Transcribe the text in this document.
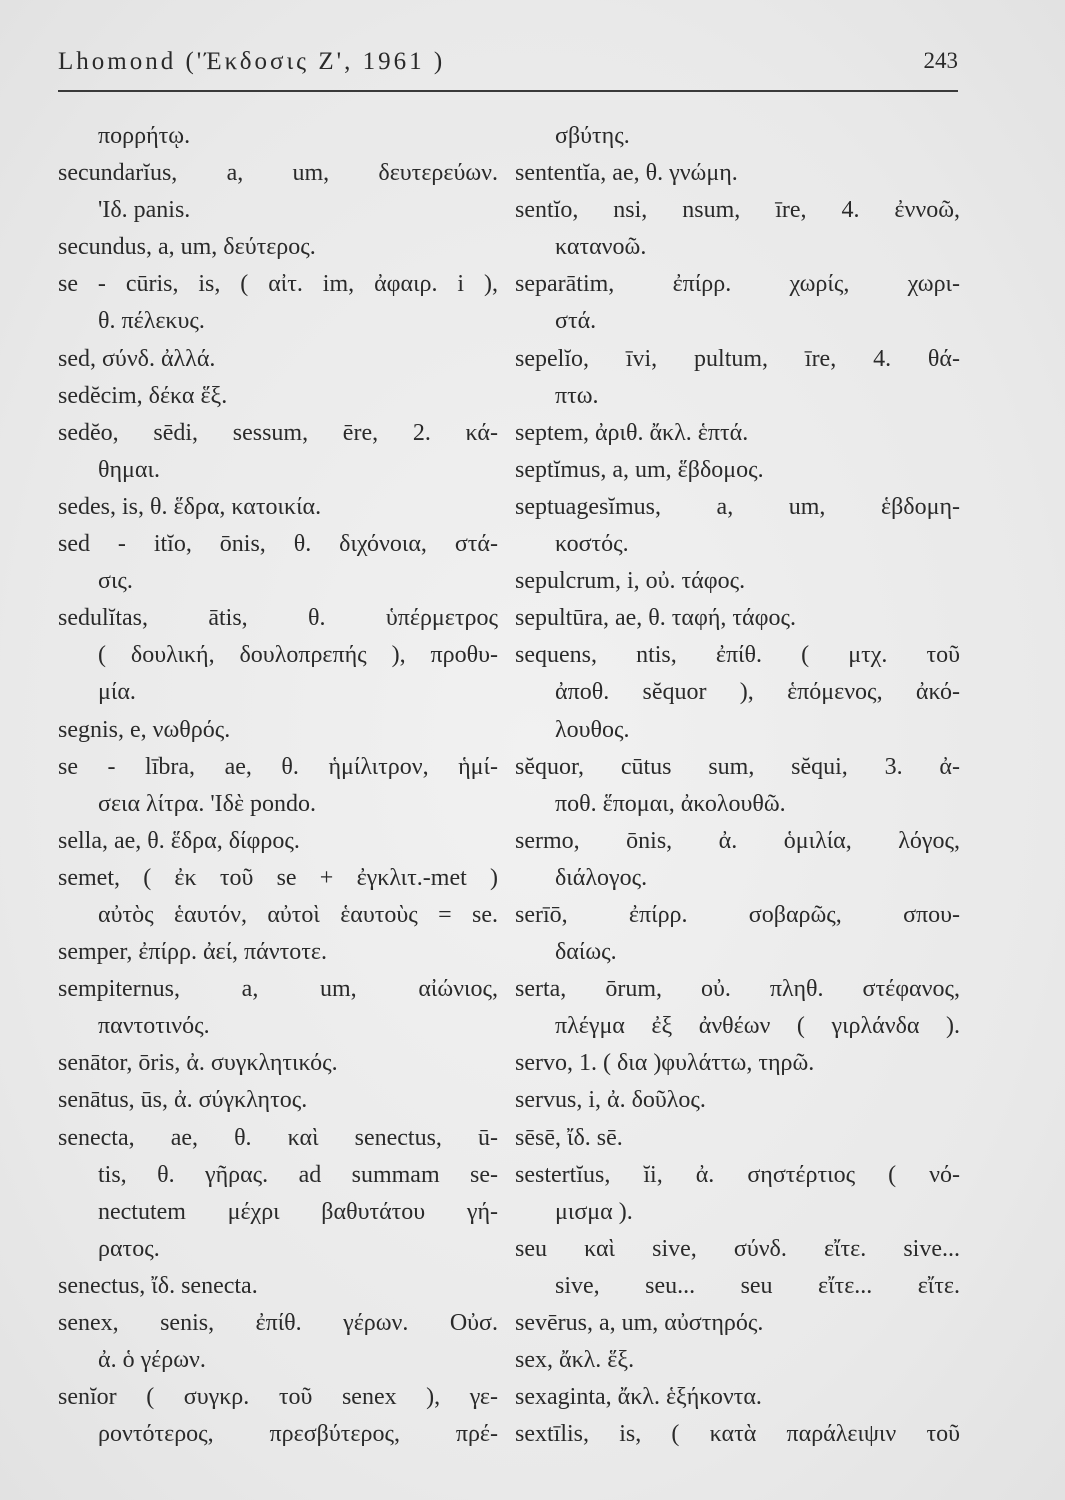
Lhomond ('Έκδοσις Ζ', 1961 )	243
πορρήτῳ.
secundarĭus, a, um, δευτερεύων.
'Ιδ. panis.
secundus, a, um, δεύτερος.
se - cūris, is, ( αἰτ. im, ἀφαιρ. i ),
θ. πέλεκυς.
sed, σύνδ. ἀλλά.
sedĕcim, δέκα ἕξ.
sedĕo, sēdi, sessum, ēre, 2. κά-
θημαι.
sedes, is, θ. ἕδρα, κατοικία.
sed - itĭo, ōnis, θ. διχόνοια, στά-
σις.
sedulĭtas, ātis, θ. ὑπέρμετρος
( δουλική, δουλοπρεπής ), προθυ-
μία.
segnis, e, νωθρός.
se - lībra, ae, θ. ἡμίλιτρον, ἡμί-
σεια λίτρα. 'Ιδὲ pondo.
sella, ae, θ. ἕδρα, δίφρος.
semet, ( ἐκ τοῦ se + ἐγκλιτ.-met )
αὐτὸς ἑαυτόν, αὐτοὶ ἑαυτοὺς = se.
semper, ἐπίρρ. ἀεί, πάντοτε.
sempiternus, a, um, αἰώνιος,
παντοτινός.
senātor, ōris, ἀ. συγκλητικός.
senātus, ūs, ἀ. σύγκλητος.
senecta, ae, θ. καὶ senectus, ū-
tis, θ. γῆρας. ad summam se-
nectutem μέχρι βαθυτάτου γή-
ρατος.
senectus, ἴδ. senecta.
senex, senis, ἐπίθ. γέρων. Οὐσ.
ἀ. ὁ γέρων.
senĭor ( συγκρ. τοῦ senex ), γε-
ροντότερος, πρεσβύτερος, πρέ-
σβύτης.
sententĭa, ae, θ. γνώμη.
sentĭo, nsi, nsum, īre, 4. ἐννοῶ,
κατανοῶ.
separātim, ἐπίρρ. χωρίς, χωρι-
στά.
sepelĭo, īvi, pultum, īre, 4. θά-
πτω.
septem, ἀριθ. ἄκλ. ἑπτά.
septĭmus, a, um, ἕβδομος.
septuagesĭmus, a, um, ἑβδομη-
κοστός.
sepulcrum, i, οὐ. τάφος.
sepultūra, ae, θ. ταφή, τάφος.
sequens, ntis, ἐπίθ. ( μτχ. τοῦ
ἀποθ. sĕquor ), ἑπόμενος, ἀκό-
λουθος.
sĕquor, cūtus sum, sĕqui, 3. ἀ-
ποθ. ἕπομαι, ἀκολουθῶ.
sermo, ōnis, ἀ. ὁμιλία, λόγος,
διάλογος.
serīō, ἐπίρρ. σοβαρῶς, σπου-
δαίως.
serta, ōrum, οὐ. πληθ. στέφανος,
πλέγμα ἐξ ἀνθέων ( γιρλάνδα ).
servo, 1. ( δια )φυλάττω, τηρῶ.
servus, i, ἀ. δοῦλος.
sēsē, ἴδ. sē.
sestertĭus, ĭi, ἀ. σηστέρτιος ( νό-
μισμα ).
seu καὶ sive, σύνδ. εἴτε. sive...
sive, seu... seu εἴτε... εἴτε.
sevērus, a, um, αὐστηρός.
sex, ἄκλ. ἕξ.
sexaginta, ἄκλ. ἑξήκοντα.
sextīlis, is, ( κατὰ παράλειψιν τοῦ
